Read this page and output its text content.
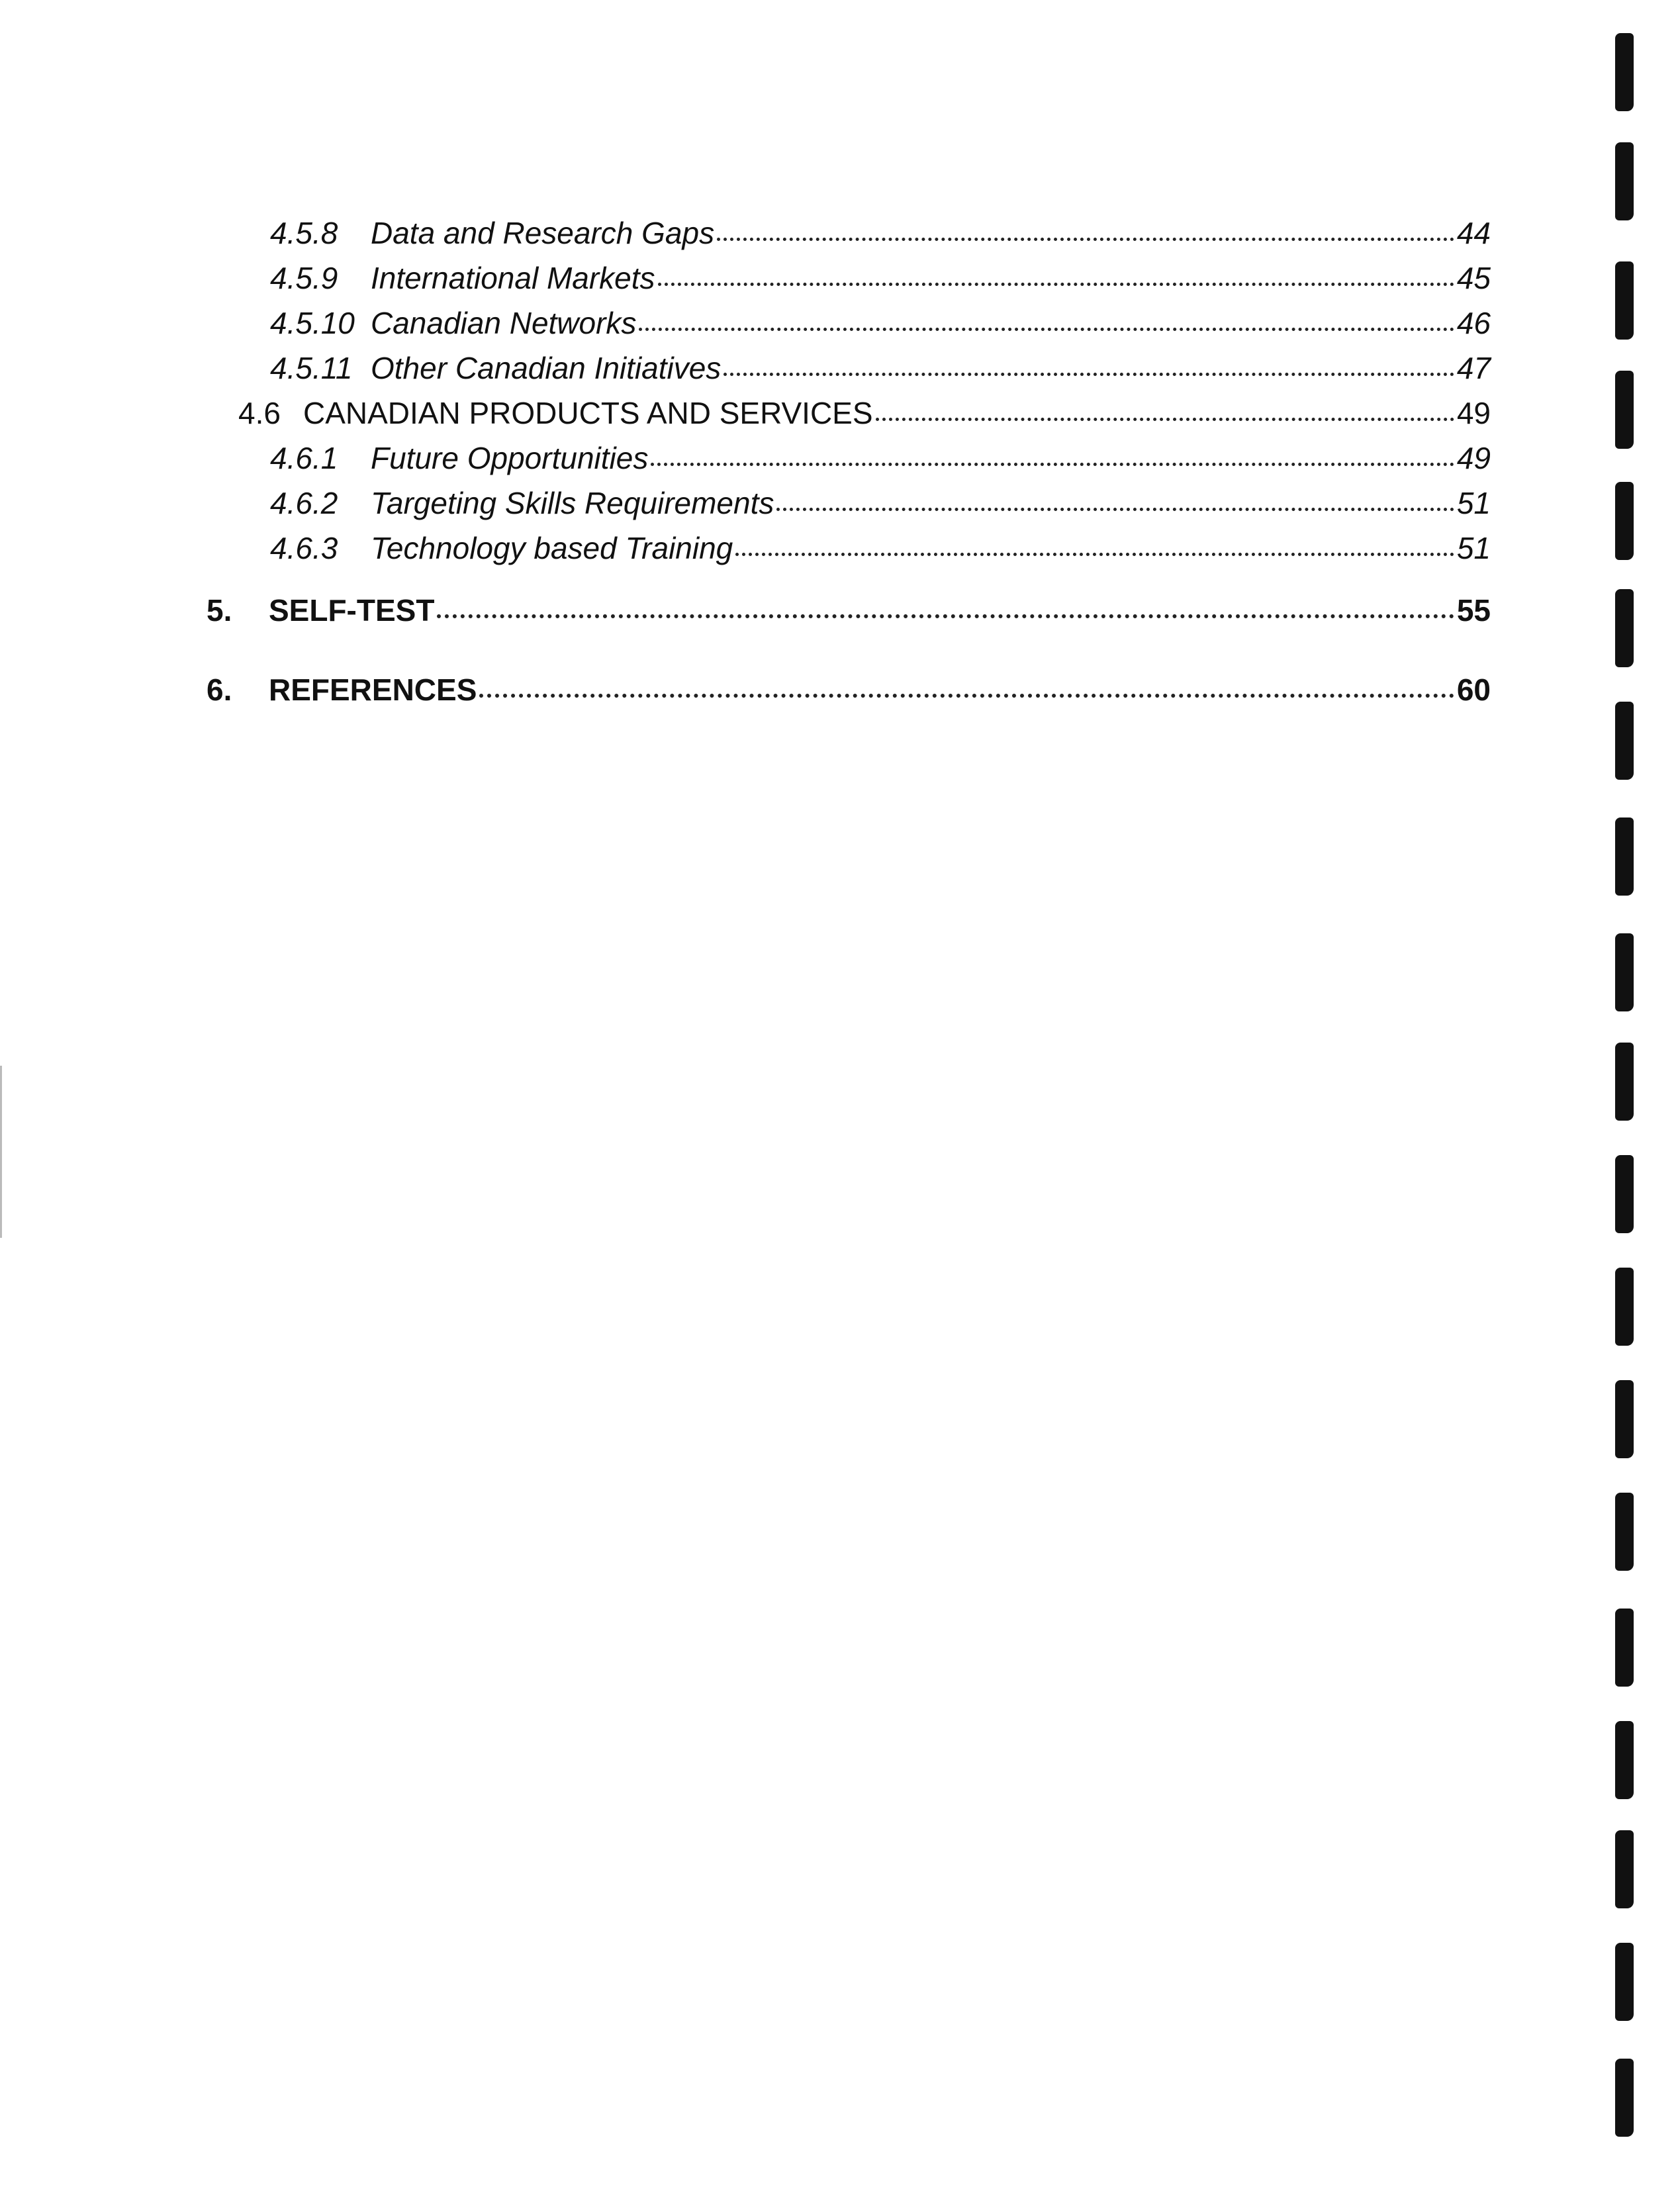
4.5.8	Data and Research Gaps	44
4.5.9	International Markets	45
4.5.10 Canadian Networks	46
4.5.11 Other Canadian Initiatives	47
4.6 CANADIAN PRODUCTS AND SERVICES	49
4.6.1	Future Opportunities	49
4.6.2	Targeting Skills Requirements	51
4.6.3	Technology based Training	51
5.	SELF-TEST	55
6.	REFERENCES	60
